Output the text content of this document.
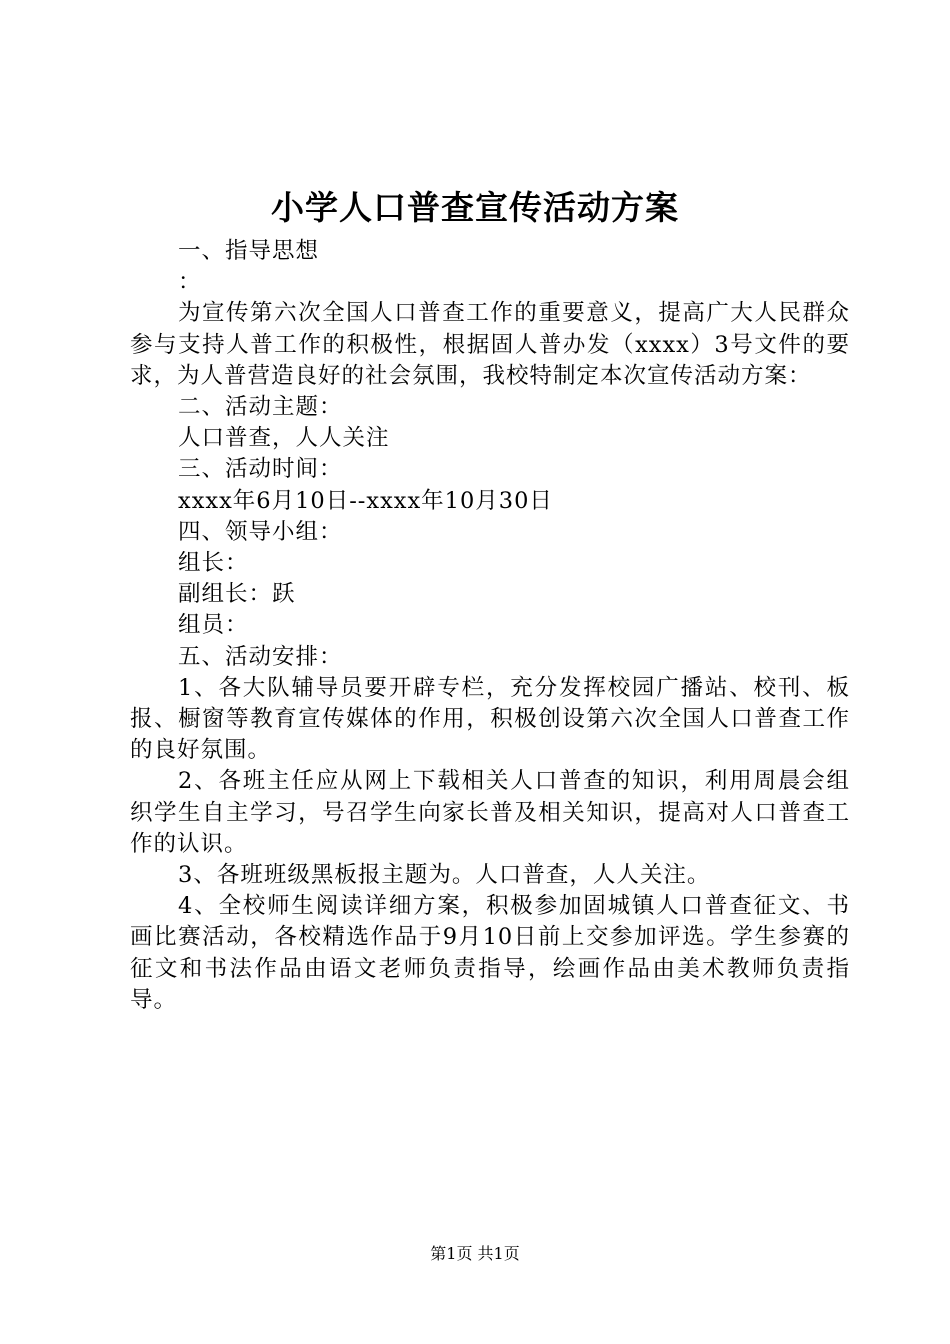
小学人口普查宣传活动方案

一、指导思想

：

为宣传第六次全国人口普查工作的重要意义，提高广大人民群众参与支持人普工作的积极性，根据固人普办发（xxxx）3号文件的要求，为人普营造良好的社会氛围，我校特制定本次宣传活动方案：

二、活动主题：

人口普查，人人关注

三、活动时间：

xxxx年6月10日--xxxx年10月30日

四、领导小组：

组长：

副组长：跃

组员：

五、活动安排：

1、各大队辅导员要开辟专栏，充分发挥校园广播站、校刊、板报、橱窗等教育宣传媒体的作用，积极创设第六次全国人口普查工作的良好氛围。

2、各班主任应从网上下载相关人口普查的知识，利用周晨会组织学生自主学习，号召学生向家长普及相关知识，提高对人口普查工作的认识。

3、各班班级黑板报主题为。人口普查，人人关注。

4、全校师生阅读详细方案，积极参加固城镇人口普查征文、书画比赛活动，各校精选作品于9月10日前上交参加评选。学生参赛的征文和书法作品由语文老师负责指导，绘画作品由美术教师负责指导。

第1页 共1页
